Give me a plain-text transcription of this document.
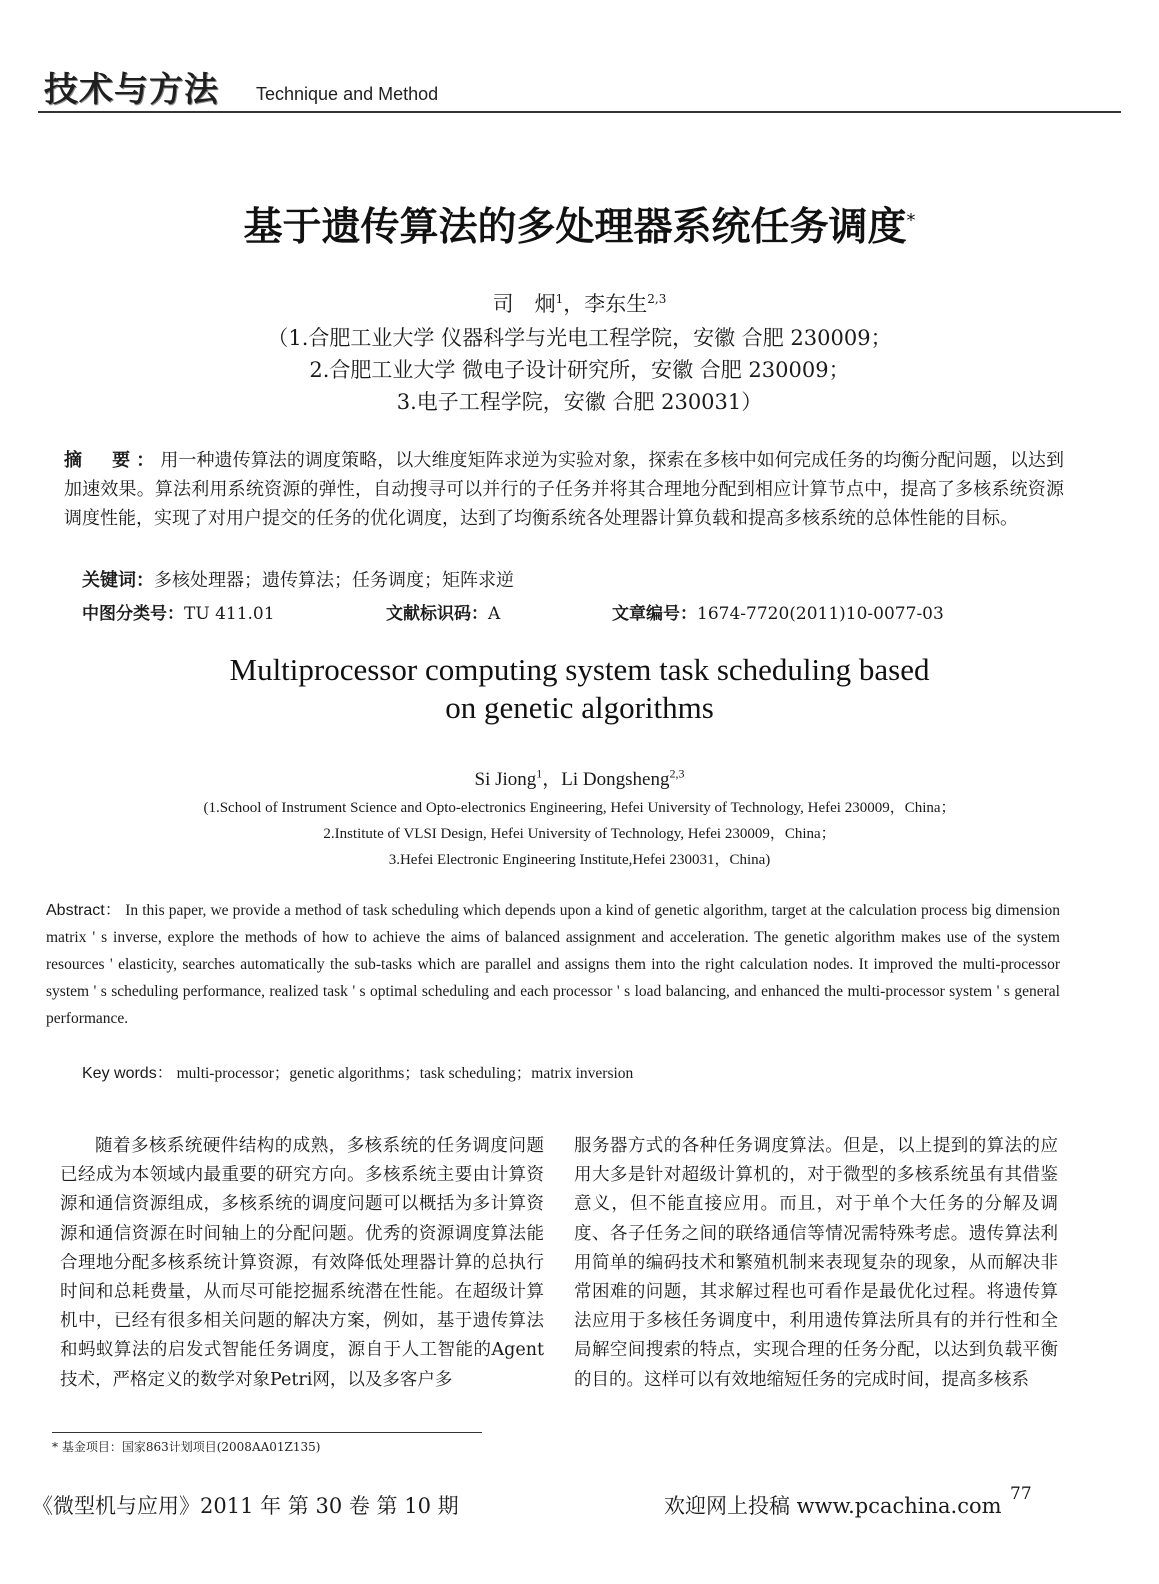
技术与方法 Technique and Method
基于遗传算法的多处理器系统任务调度*
司　炯$^1$，李东生$^{2,3}$
（1.合肥工业大学 仪器科学与光电工程学院，安徽 合肥 230009；
2.合肥工业大学 微电子设计研究所，安徽 合肥 230009；
3.电子工程学院，安徽 合肥 230031）
摘　要：用一种遗传算法的调度策略，以大维度矩阵求逆为实验对象，探索在多核中如何完成任务的均衡分配问题，以达到加速效果。算法利用系统资源的弹性，自动搜寻可以并行的子任务并将其合理地分配到相应计算节点中，提高了多核系统资源调度性能，实现了对用户提交的任务的优化调度，达到了均衡系统各处理器计算负载和提高多核系统的总体性能的目标。
关键词：多核处理器；遗传算法；任务调度；矩阵求逆
中图分类号：TU 411.01	文献标识码：A	文章编号：1674-7720(2011)10-0077-03
Multiprocessor computing system task scheduling based
on genetic algorithms
Si Jiong$^1$，Li Dongsheng$^{2,3}$
(1.School of Instrument Science and Opto-electronics Engineering, Hefei University of Technology, Hefei 230009，China；
2.Institute of VLSI Design, Hefei University of Technology, Hefei 230009，China；
3.Hefei Electronic Engineering Institute,Hefei 230031，China)
Abstract： In this paper, we provide a method of task scheduling which depends upon a kind of genetic algorithm, target at the calculation process big dimension matrix ' s inverse, explore the methods of how to achieve the aims of balanced assignment and acceleration. The genetic algorithm makes use of the system resources ' elasticity, searches automatically the sub-tasks which are parallel and assigns them into the right calculation nodes. It improved the multi-processor system ' s scheduling performance, realized task ' s optimal scheduling and each processor ' s load balancing, and enhanced the multi-processor system ' s general performance.
Key words： multi-processor；genetic algorithms；task scheduling；matrix inversion
随着多核系统硬件结构的成熟，多核系统的任务调度问题已经成为本领域内最重要的研究方向。多核系统主要由计算资源和通信资源组成，多核系统的调度问题可以概括为多计算资源和通信资源在时间轴上的分配问题。优秀的资源调度算法能合理地分配多核系统计算资源，有效降低处理器计算的总执行时间和总耗费量，从而尽可能挖掘系统潜在性能。在超级计算机中，已经有很多相关问题的解决方案，例如，基于遗传算法和蚂蚁算法的启发式智能任务调度，源自于人工智能的Agent技术，严格定义的数学对象Petri网，以及多客户多
服务器方式的各种任务调度算法。但是，以上提到的算法的应用大多是针对超级计算机的，对于微型的多核系统虽有其借鉴意义，但不能直接应用。而且，对于单个大任务的分解及调度、各子任务之间的联络通信等情况需特殊考虑。遗传算法利用简单的编码技术和繁殖机制来表现复杂的现象，从而解决非常困难的问题，其求解过程也可看作是最优化过程。将遗传算法应用于多核任务调度中，利用遗传算法所具有的并行性和全局解空间搜索的特点，实现合理的任务分配，以达到负载平衡的目的。这样可以有效地缩短任务的完成时间，提高多核系
* 基金项目：国家863计划项目(2008AA01Z135)
《微型机与应用》2011 年 第 30 卷 第 10 期	欢迎网上投稿 www.pcachina.com 77
